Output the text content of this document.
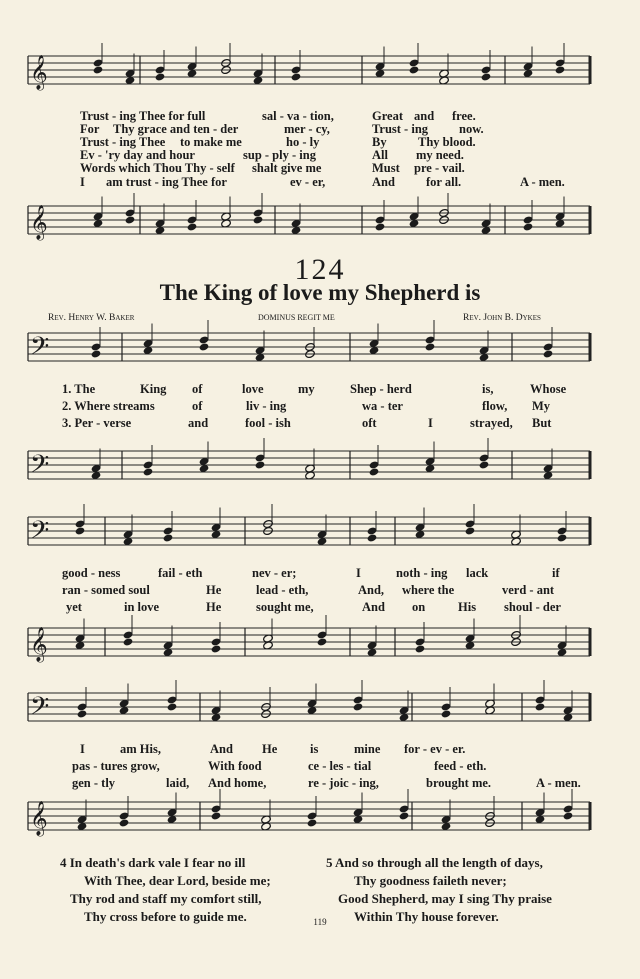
𝄞
𝄞
𝄢
𝄢
𝄢
𝄞
𝄢
𝄞
Trust - ing Thee for full	sal - va - tion,	Great and free.
For Thy grace and ten - der	mer - cy,	Trust - ing now.
Trust - ing Thee to make me	ho - ly	By	Thy blood.
Ev - 'ry day and hour	sup - ply - ing	All my need.
Words which Thou Thy - self shalt give me	Must pre - vail.
I am trust - ing Thee for	ev - er,	And for all.	A - men.
124
The King of love my Shepherd is
Rev. Henry W. Baker	DOMINUS REGIT ME	Rev. John B. Dykes
1. The	King of	love	my	Shep - herd	is,	Whose
2. Where streams	of	liv - ing	wa - ter	flow, My
3. Per - verse	and	fool - ish	oft	I	strayed, But
good - ness	fail - eth	nev - er;	I	noth - ing lack	if
ran - somed soul	He	lead - eth,	And, where the	verd - ant
yet	in love	He	sought me,	And on	His shoul - der
I	am His,	And He	is	mine for - ev - er.
pas - tures grow,	With food	ce - les - tial	feed - eth.
gen - tly	laid, And home,	re - joic - ing,	brought me.	A - men.
4 In death's dark vale I fear no ill
With Thee, dear Lord, beside me;
Thy rod and staff my comfort still,
Thy cross before to guide me.
5 And so through all the length of days,
Thy goodness faileth never;
Good Shepherd, may I sing Thy praise
Within Thy house forever.
119
